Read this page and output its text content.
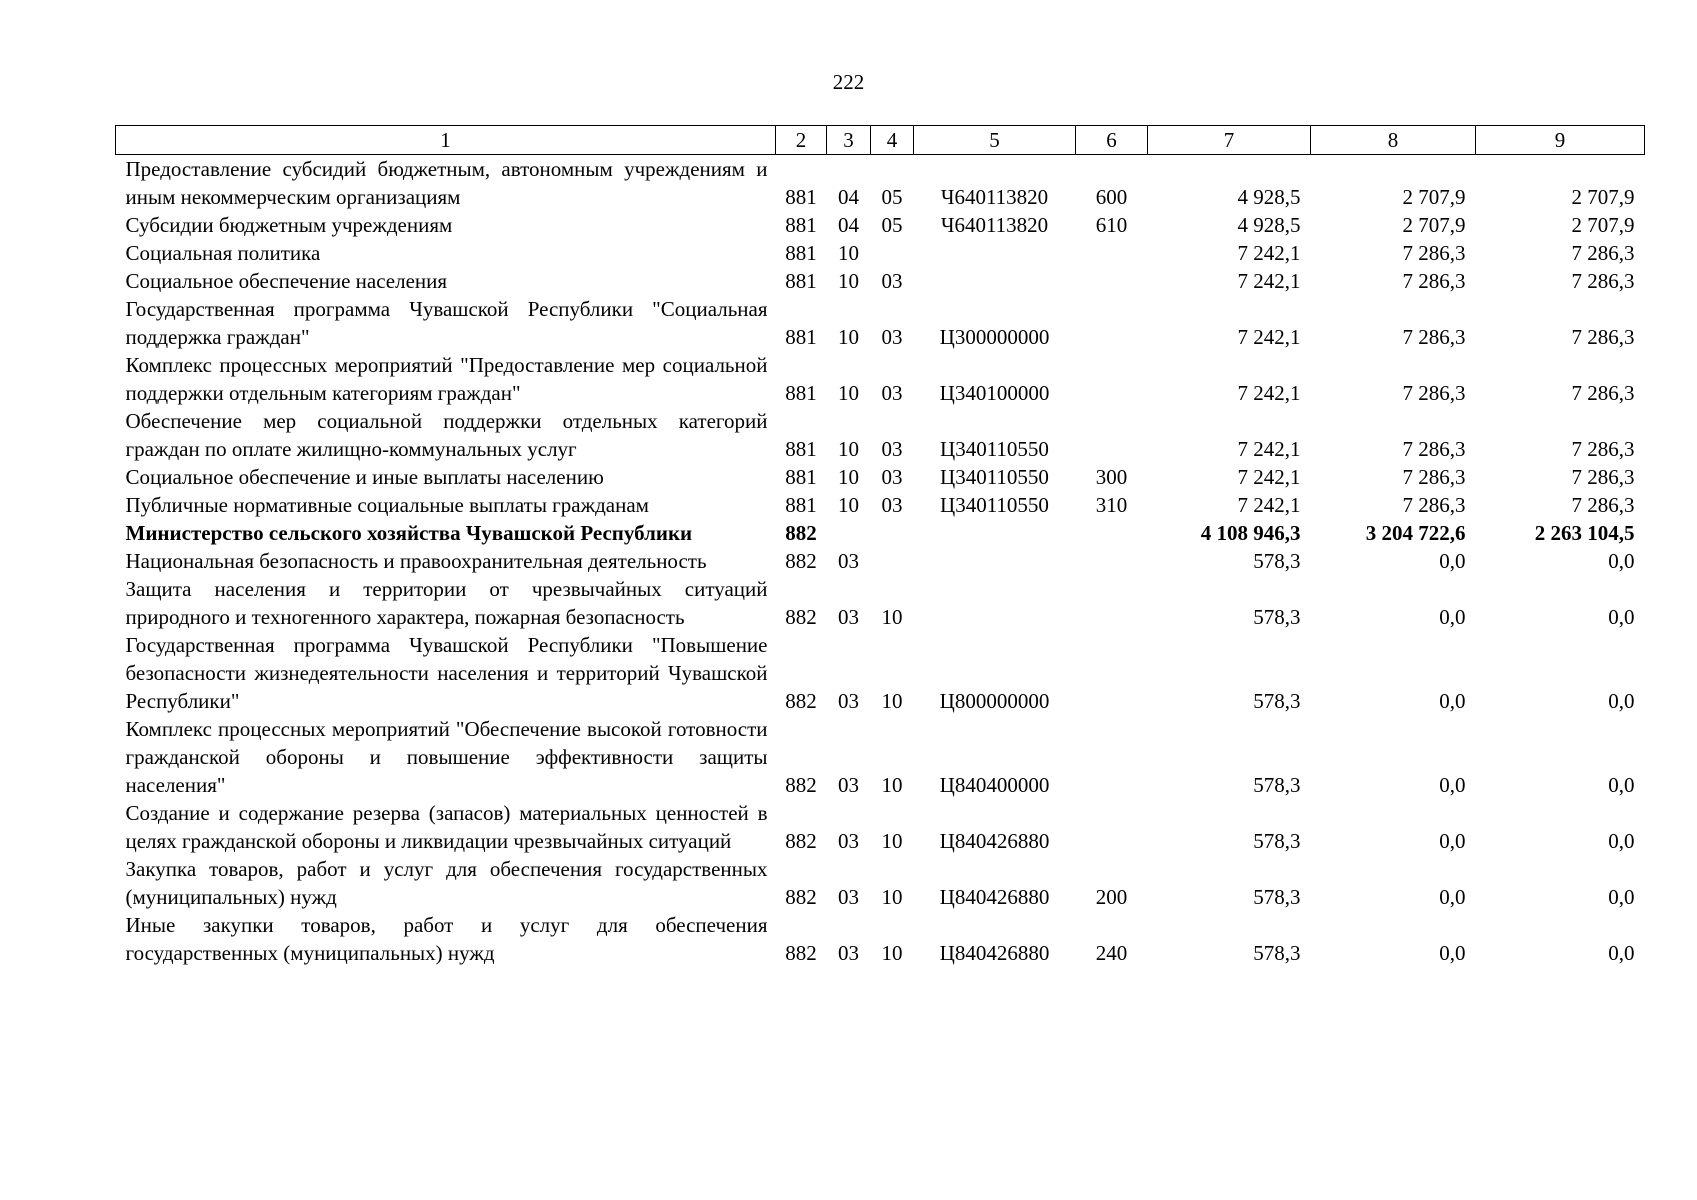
222
1	2	3	4	5	6	7	8	9
Предоставление субсидий бюджетным, автономным учреждениям и иным некоммерческим организациям	881	04	05	Ч640113820	600	4 928,5	2 707,9	2 707,9
Субсидии бюджетным учреждениям	881	04	05	Ч640113820	610	4 928,5	2 707,9	2 707,9
Социальная политика	881	10				7 242,1	7 286,3	7 286,3
Социальное обеспечение населения	881	10	03			7 242,1	7 286,3	7 286,3
Государственная программа Чувашской Республики "Социальная поддержка граждан"	881	10	03	Ц300000000		7 242,1	7 286,3	7 286,3
Комплекс процессных мероприятий "Предоставление мер социальной поддержки отдельным категориям граждан"	881	10	03	Ц340100000		7 242,1	7 286,3	7 286,3
Обеспечение мер социальной поддержки отдельных категорий граждан по оплате жилищно-коммунальных услуг	881	10	03	Ц340110550		7 242,1	7 286,3	7 286,3
Социальное обеспечение и иные выплаты населению	881	10	03	Ц340110550	300	7 242,1	7 286,3	7 286,3
Публичные нормативные социальные выплаты гражданам	881	10	03	Ц340110550	310	7 242,1	7 286,3	7 286,3
Министерство сельского хозяйства Чувашской Республики	882					4 108 946,3	3 204 722,6	2 263 104,5
Национальная безопасность и правоохранительная деятельность	882	03				578,3	0,0	0,0
Защита населения и территории от чрезвычайных ситуаций природного и техногенного характера, пожарная безопасность	882	03	10			578,3	0,0	0,0
Государственная программа Чувашской Республики "Повышение безопасности жизнедеятельности населения и территорий Чувашской Республики"	882	03	10	Ц800000000		578,3	0,0	0,0
Комплекс процессных мероприятий "Обеспечение высокой готовности гражданской обороны и повышение эффективности защиты населения"	882	03	10	Ц840400000		578,3	0,0	0,0
Создание и содержание резерва (запасов) материальных ценностей в целях гражданской обороны и ликвидации чрезвычайных ситуаций	882	03	10	Ц840426880		578,3	0,0	0,0
Закупка товаров, работ и услуг для обеспечения государственных (муниципальных) нужд	882	03	10	Ц840426880	200	578,3	0,0	0,0
Иные закупки товаров, работ и услуг для обеспечения государственных (муниципальных) нужд	882	03	10	Ц840426880	240	578,3	0,0	0,0
